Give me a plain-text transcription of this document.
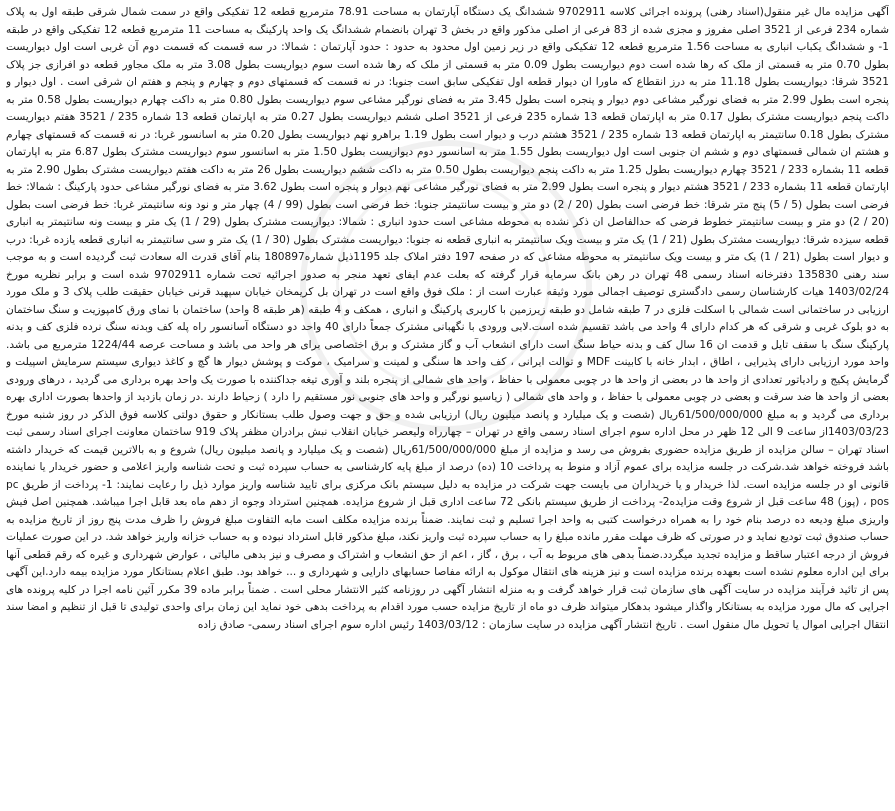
آگهی مزایده مال غیر منقول(اسناد رهنی) پرونده اجرائی کلاسه 9702911 ششدانگ یک دستگاه آپارتمان به مساحت 78.91 مترمربع قطعه 12 تفکیکی واقع در سمت شمال شرقی طبقه اول به پلاک شماره 234 فرعی از 3521 اصلی مفروز و مجزی شده از 83 فرعی از اصلی مذکور واقع در بخش 3 تهران بانضمام ششدانگ یک واحد پارکینگ به مساحت 11 مترمربع قطعه 12 تفکیکی واقع در طبقه 1- و ششدانگ یکباب انباری به مساحت 1.56 مترمربع قطعه 12 تفکیکی واقع در زیر زمین اول محدود به حدود : حدود آپارتمان : شمالا: در سه قسمت که قسمت دوم آن غربی است اول دیواریست بطول 0.70 متر به قسمتی از ملک که رها شده است دوم دیواریست بطول 0.09 متر به قسمتی از ملک که رها شده است سوم دیواریست بطول 3.08 متر به ملک مجاور قطعه دو افرازی جز پلاک 3521 شرقا: دیواریست بطول 11.18 متر به درز انقطاع که ماورا ان دیوار قطعه اول تفکیکی سابق است جنوبا: در نه قسمت که قسمتهای دوم و چهارم و پنجم و هفتم ان شرقی است . اول دیوار و پنجره است بطول 2.99 متر به فضای نورگیر مشاعی دوم دیوار و پنجره است بطول 3.45 متر به فضای نورگیر مشاعی سوم دیواریست بطول 0.80 متر به داکت چهارم دیواریست بطول 0.58 متر به داکت پنجم دیواریست مشترک بطول 0.17 متر به اپارتمان قطعه 13 شماره 235 فرعی از 3521 اصلی ششم دیواریست بطول 0.27 متر به اپارتمان قطعه 13 شماره 235 / 3521 هفتم دیواریست مشترک بطول 0.18 سانتیمتر به اپارتمان قطعه 13 شماره 235 / 3521 هشتم درب و دیوار است بطول 1.19 براهرو نهم دیواریست بطول 0.20 متر به اسانسور غربا: در نه قسمت که قسمتهای چهارم و هشتم ان شمالی قسمتهای دوم و ششم ان جنوبی است اول دیواریست بطول 1.55 متر به اسانسور دوم دیواریست بطول 1.50 متر به اسانسور سوم دیواریست مشترک بطول 6.87 متر به اپارتمان قطعه 11 بشماره 233 / 3521 چهارم دیواریست بطول 1.25 متر به داکت پنجم دیواریست بطول 0.50 متر به داکت ششم دیواریست بطول 26 متر به داکت هفتم دیواریست مشترک بطول 2.90 متر به اپارتمان قطعه 11 بشماره 233 / 3521 هشتم دیوار و پنجره است بطول 2.99 متر به فضای نورگیر مشاعی نهم دیوار و پنجره است بطول 3.62 متر به فضای نورگیر مشاعی حدود پارکینگ : شمالا: خط فرضی است بطول (5 / 5) پنج متر شرقا: خط فرضی است بطول (20 / 2) دو متر و بیست سانتیمتر جنوبا: خط فرضی است بطول (99 / 4) چهار متر و نود ونه سانتیمتر غربا: خط فرضی است بطول (20 / 2) دو متر و بیست سانتیمتر خطوط فرضی که حدالفاصل ان ذکر نشده به محوطه مشاعی است حدود انباری : شمالا: دیواریست مشترک بطول (29 / 1) یک متر و بیست ونه سانتیمتر به انباری قطعه سیزده شرقا: دیواریست مشترک بطول (21 / 1) یک متر و بیست ویک سانتیمتر به انباری قطعه نه جنوبا: دیواریست مشترک بطول (30 / 1) یک متر و سی سانتیمتر به انباری قطعه یازده غربا: درب و دیوار است بطول (21 / 1) یک متر و بیست ویک سانتیمتر به محوطه مشاعی که در صفحه 197 دفتر املاک جلد 1195ذیل شماره180897 بنام آقای قدرت اله سعادت ثبت گردیده است و به موجب سند رهنی 135830 دفترخانه اسناد رسمی 48 تهران در رهن بانک سرمایه قرار گرفته که بعلت عدم ایفای تعهد منجر به صدور اجرائیه تحت شماره 9702911 شده است و برابر نظریه مورخ 1403/02/24 هیات کارشناسان رسمی دادگستری توصیف اجمالی مورد وثیقه عبارت است از : ملک فوق واقع است در تهران بل کریمخان خیابان سپهبد قرنی خیابان حقیقت طلب پلاک 3 و ملک مورد ارزیابی در ساختمانی است شمالی با اسکلت فلزی در 7 طبقه شامل دو طبقه زیرزمین با کاربری پارکینگ و انباری ، همکف و 4 طبقه (هر طبقه 8 واحد) ساختمان با نمای ورق کامپوزیت و سنگ ساختمان به دو بلوک غربی و شرقی که هر کدام دارای 4 واحد می باشد تقسیم شده است.لابی ورودی با نگهبانی مشترک جمعاً دارای 40 واحد دو دستگاه آسانسور راه پله کف وبدنه سنگ نرده فلزی کف و بدنه پارکینگ سنگ با سقف تایل و قدمت ان 16 سال کف و بدنه حیاط سنگ است دارای انشعاب آب و گاز مشترک و برق اختصاصی برای هر واحد می باشد و مساحت عرصه 1224/44 مترمربع می باشد. واحد مورد ارزیابی دارای پذیرایی ، اطاق ، ابدار خانه با کابینت MDF و توالت ایرانی ، کف واحد ها سنگی و لمینت و سرامیک ، موکت و پوشش دیوار ها گچ و کاغذ دیواری سیستم سرمایش اسپیلت و گرمایش پکیج و رادیاتور تعدادی از واحد ها در بعضی از واحد ها در چوبی معمولی با حفاظ ، واحد های شمالی از پنجره بلند و آوری تیغه جداکننده با صورت یک واحد بهره برداری می گردید ، درهای ورودی بعضی از واحد ها ضد سرقت و بعضی در چوبی معمولی با حفاظ ، و واحد های شمالی ( زیاسیو نورگیر و واحد های جنوبی نور مستقیم را دارد ) زحیاط دارند .در زمان بازدید از واحدها بصورت اداری بهره برداری می گردید و به مبلغ 61/500/000/000ریال (شصت و یک میلیارد و پانصد میلیون ریال) ارزیابی شده و حق و جهت وصول طلب بستانکار و حقوق دولتی کلاسه فوق الذکر در روز شنبه مورخ 1403/03/23از ساعت 9 الی 12 ظهر در محل اداره سوم اجرای اسناد رسمی واقع در تهران – چهارراه ولیعصر خیابان انقلاب نبش برادران مظفر پلاک 919 ساختمان معاونت اجرای اسناد رسمی ثبت اسناد تهران – سالن مزایده از طریق مزایده حضوری بفروش می رسد و مزایده از مبلغ 61/500/000/000ریال (شصت و یک میلیارد و پانصد میلیون ریال) شروع و به بالاترین قیمت که خریدار داشته باشد فروخته خواهد شد.شرکت در جلسه مزایده برای عموم آزاد و منوط به پرداخت 10 (ده) درصد از مبلغ پایه کارشناسی به حساب سپرده ثبت و تحت شناسه واریز اعلامی و حضور خریدار یا نماینده قانونی او در جلسه مزایده است. لذا خریدار و یا خریداران می بایست جهت شرکت در مزایده به دلیل سیستم بانک مرکزی برای تایید شناسه واریز موارد ذیل را رعایت نمایند: 1- پرداخت از طریق pc pos ، (پوز) 48 ساعت قبل از شروع وقت مزایده2- پرداخت از طریق سیستم بانکی 72 ساعت اداری قبل از شروع مزایده. همچنین استرداد وجوه از دهم ماه بعد قابل اجرا میباشد. همچنین اصل فیش واریزی مبلغ ودیعه ده درصد بنام خود را به همراه درخواست کتبی به واحد اجرا تسلیم و ثبت نمایند. ضمناً برنده مزایده مکلف است مابه التفاوت مبلغ فروش را ظرف مدت پنج روز از تاریخ مزایده به حساب صندوق ثبت تودیع نماید و در صورتی که ظرف مهلت مقرر مانده مبلغ را به حساب سپرده ثبت واریز نکند، مبلغ مذکور قابل استرداد نبوده و به حساب خزانه واریز خواهد شد. در این صورت عملیات فروش از درجه اعتبار ساقط و مزایده تجدید میگردد.ضمناً بدهی های مربوط به آب ، برق ، گاز ، اعم از حق انشعاب و اشتراک و مصرف و نیز بدهی مالیاتی ، عوارض شهرداری و غیره که رقم قطعی آنها برای این اداره معلوم نشده است بعهده برنده مزایده است و نیز هزینه های انتقال موکول به ارائه مفاصا حسابهای دارایی و شهرداری و ... خواهد بود. طبق اعلام بستانکار مورد مزایده بیمه دارد.این آگهی پس از تائید فرآیند مزایده در سایت آگهی های سازمان ثبت قرار خواهد گرفت و به منزله انتشار آگهی در روزنامه کثیر الانتشار محلی است . ضمناً برابر ماده 39 مکرر آئین نامه اجرا در کلیه پرونده های اجرایی که مال مورد مزایده به بستانکار واگذار میشود بدهکار میتواند ظرف دو ماه از تاریخ مزایده حسب مورد اقدام به پرداخت بدهی خود نماید این زمان برای واحدی تولیدی تا قبل از تنظیم و امضا سند انتقال اجرایی اموال یا تحویل مال منقول است . تاریخ انتشار آگهی مزایده در سایت سازمان : 1403/03/12 رئیس اداره سوم اجرای اسناد رسمی- صادق زاده
